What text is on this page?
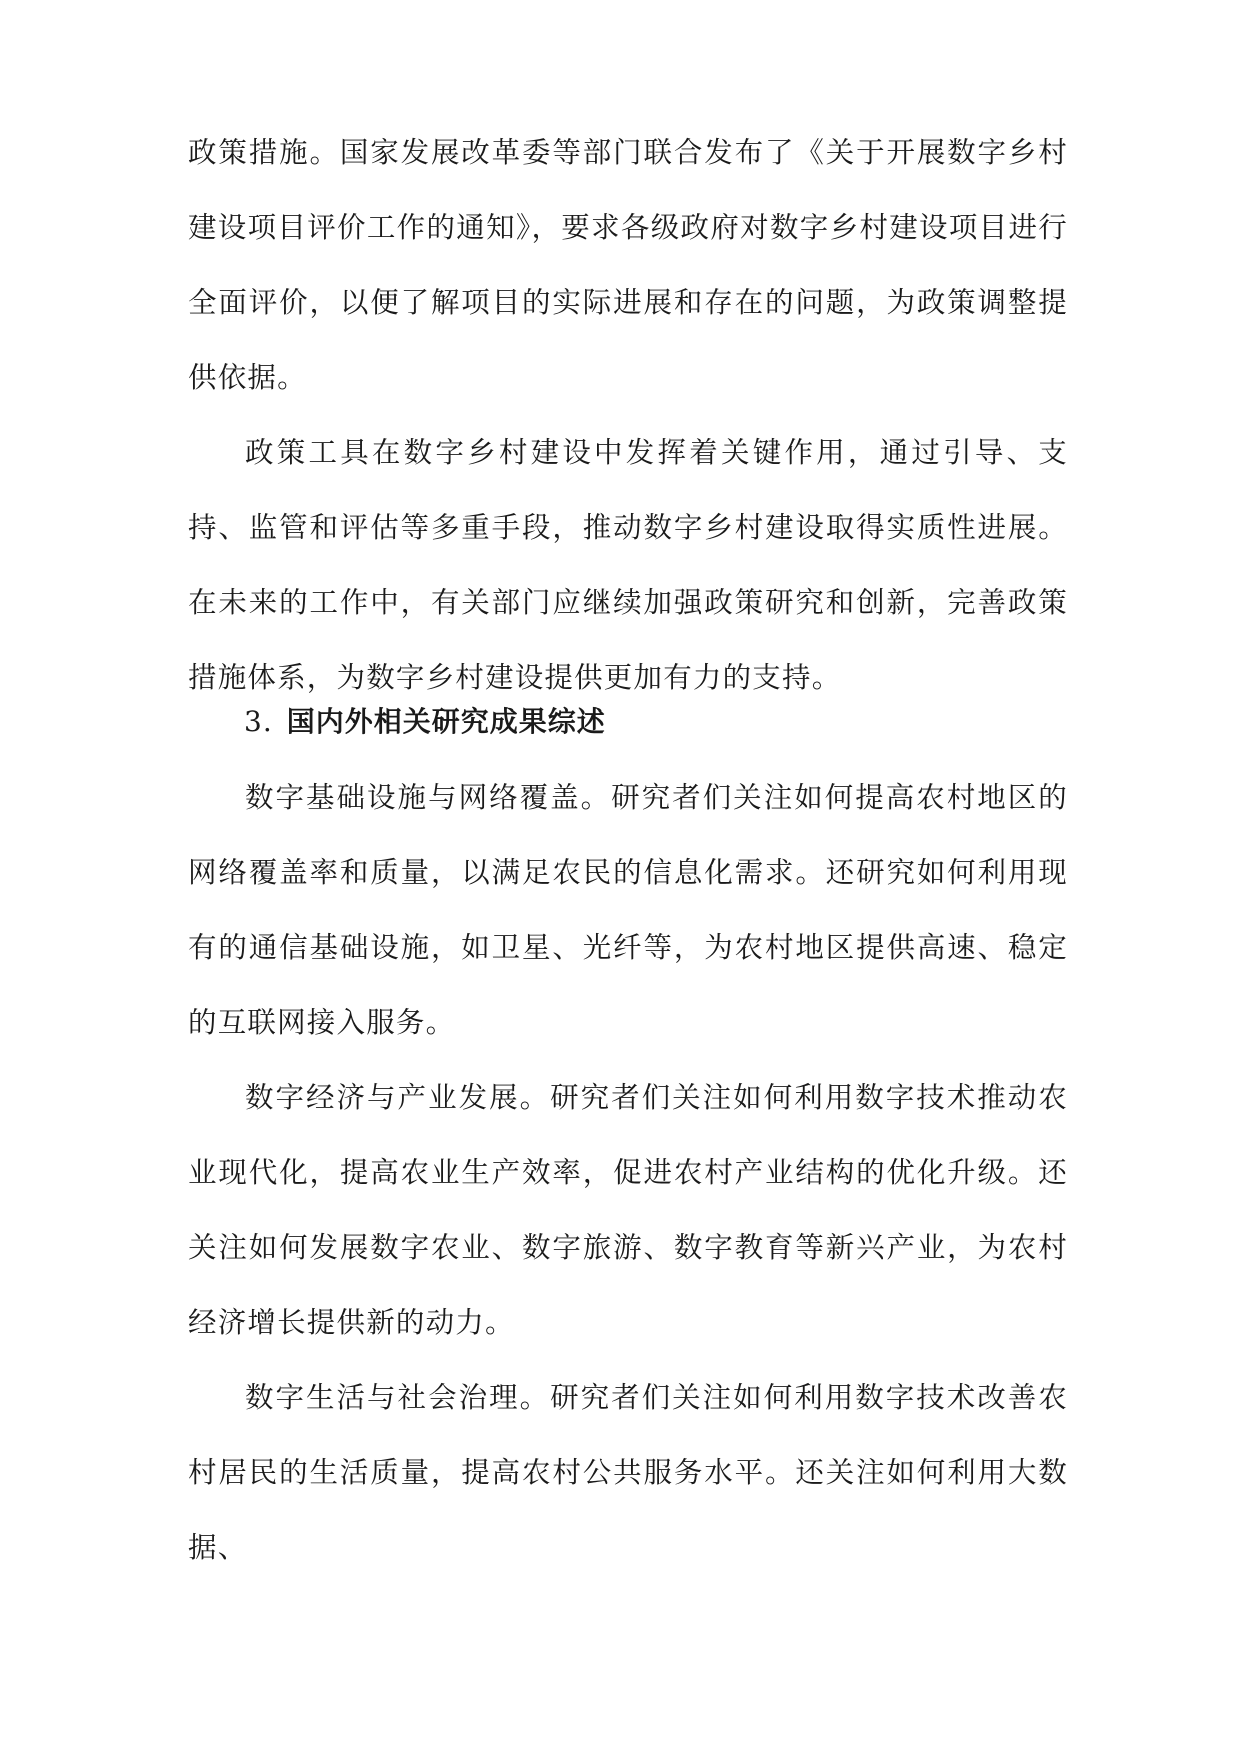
政策措施。国家发展改革委等部门联合发布了《关于开展数字乡村建设项目评价工作的通知》，要求各级政府对数字乡村建设项目进行全面评价，以便了解项目的实际进展和存在的问题，为政策调整提供依据。

政策工具在数字乡村建设中发挥着关键作用，通过引导、支持、监管和评估等多重手段，推动数字乡村建设取得实质性进展。在未来的工作中，有关部门应继续加强政策研究和创新，完善政策措施体系，为数字乡村建设提供更加有力的支持。

3. 国内外相关研究成果综述

数字基础设施与网络覆盖。研究者们关注如何提高农村地区的网络覆盖率和质量，以满足农民的信息化需求。还研究如何利用现有的通信基础设施，如卫星、光纤等，为农村地区提供高速、稳定的互联网接入服务。

数字经济与产业发展。研究者们关注如何利用数字技术推动农业现代化，提高农业生产效率，促进农村产业结构的优化升级。还关注如何发展数字农业、数字旅游、数字教育等新兴产业，为农村经济增长提供新的动力。

数字生活与社会治理。研究者们关注如何利用数字技术改善农村居民的生活质量，提高农村公共服务水平。还关注如何利用大数据、
